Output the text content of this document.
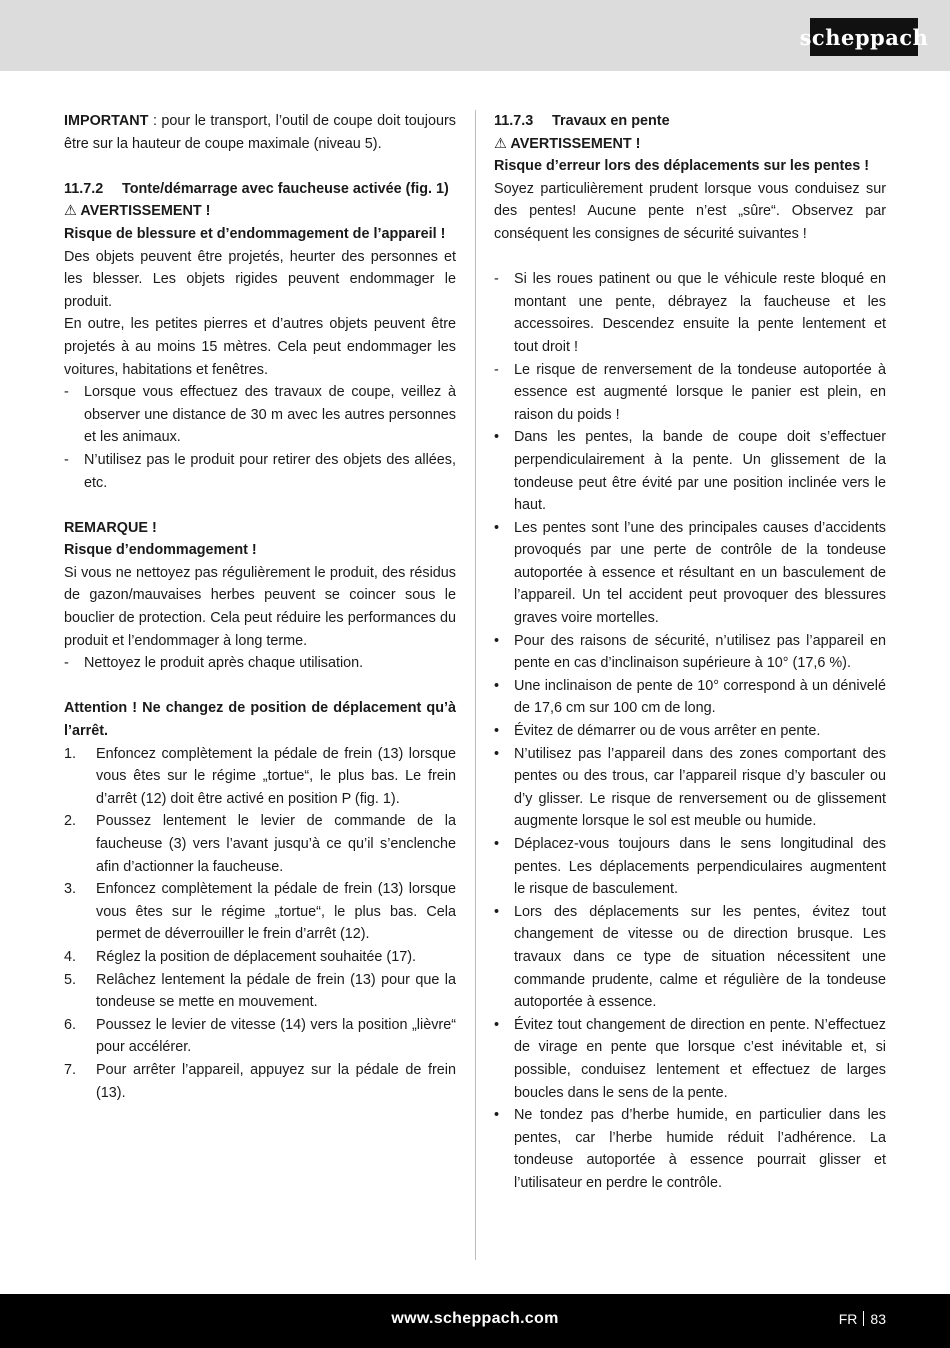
scheppach

IMPORTANT : pour le transport, l’outil de coupe doit toujours être sur la hauteur de coupe maximale (niveau 5).

11.7.2	Tonte/démarrage avec faucheuse activée (fig. 1)

⚠ AVERTISSEMENT !

Risque de blessure et d’endommagement de l’appareil !

Des objets peuvent être projetés, heurter des personnes et les blesser. Les objets rigides peuvent endommager le produit.

En outre, les petites pierres et d’autres objets peuvent être projetés à au moins 15 mètres. Cela peut endommager les voitures, habitations et fenêtres.

-	Lorsque vous effectuez des travaux de coupe, veillez à observer une distance de 30 m avec les autres personnes et les animaux.
-	N’utilisez pas le produit pour retirer des objets des allées, etc.

REMARQUE !

Risque d’endommagement !

Si vous ne nettoyez pas régulièrement le produit, des résidus de gazon/mauvaises herbes peuvent se coincer sous le bouclier de protection. Cela peut réduire les performances du produit et l’endommager à long terme.

-	Nettoyez le produit après chaque utilisation.

Attention ! Ne changez de position de déplacement qu’à l’arrêt.

1.	Enfoncez complètement la pédale de frein (13) lorsque vous êtes sur le régime „tortue“, le plus bas. Le frein d’arrêt (12) doit être activé en position P (fig. 1).
2.	Poussez lentement le levier de commande de la faucheuse (3) vers l’avant jusqu’à ce qu’il s’enclenche afin d’actionner la faucheuse.
3.	Enfoncez complètement la pédale de frein (13) lorsque vous êtes sur le régime „tortue“, le plus bas. Cela permet de déverrouiller le frein d’arrêt (12).
4.	Réglez la position de déplacement souhaitée (17).
5.	Relâchez lentement la pédale de frein (13) pour que la tondeuse se mette en mouvement.
6.	Poussez le levier de vitesse (14) vers la position „lièvre“ pour accélérer.
7.	Pour arrêter l’appareil, appuyez sur la pédale de frein (13).
11.7.3	Travaux en pente

⚠ AVERTISSEMENT !

Risque d’erreur lors des déplacements sur les pentes !

Soyez particulièrement prudent lorsque vous conduisez sur des pentes! Aucune pente n’est „sûre“. Observez par conséquent les consignes de sécurité suivantes !

-	Si les roues patinent ou que le véhicule reste bloqué en montant une pente, débrayez la faucheuse et les accessoires. Descendez ensuite la pente lentement et tout droit !
-	Le risque de renversement de la tondeuse autoportée à essence est augmenté lorsque le panier est plein, en raison du poids !
•	Dans les pentes, la bande de coupe doit s’effectuer perpendiculairement à la pente. Un glissement de la tondeuse peut être évité par une position inclinée vers le haut.
•	Les pentes sont l’une des principales causes d’accidents provoqués par une perte de contrôle de la tondeuse autoportée à essence et résultant en un basculement de l’appareil. Un tel accident peut provoquer des blessures graves voire mortelles.
•	Pour des raisons de sécurité, n’utilisez pas l’appareil en pente en cas d’inclinaison supérieure à 10° (17,6 %).
•	Une inclinaison de pente de 10° correspond à un dénivelé de 17,6 cm sur 100 cm de long.
•	Évitez de démarrer ou de vous arrêter en pente.
•	N’utilisez pas l’appareil dans des zones comportant des pentes ou des trous, car l’appareil risque d’y basculer ou d’y glisser. Le risque de renversement ou de glissement augmente lorsque le sol est meuble ou humide.
•	Déplacez-vous toujours dans le sens longitudinal des pentes. Les déplacements perpendiculaires augmentent le risque de basculement.
•	Lors des déplacements sur les pentes, évitez tout changement de vitesse ou de direction brusque. Les travaux dans ce type de situation nécessitent une commande prudente, calme et régulière de la tondeuse autoportée à essence.
•	Évitez tout changement de direction en pente. N’effectuez de virage en pente que lorsque c’est inévitable et, si possible, conduisez lentement et effectuez de larges boucles dans le sens de la pente.
•	Ne tondez pas d’herbe humide, en particulier dans les pentes, car l’herbe humide réduit l’adhérence. La tondeuse autoportée à essence pourrait glisser et l’utilisateur en perdre le contrôle.
www.scheppach.com	FR 83
